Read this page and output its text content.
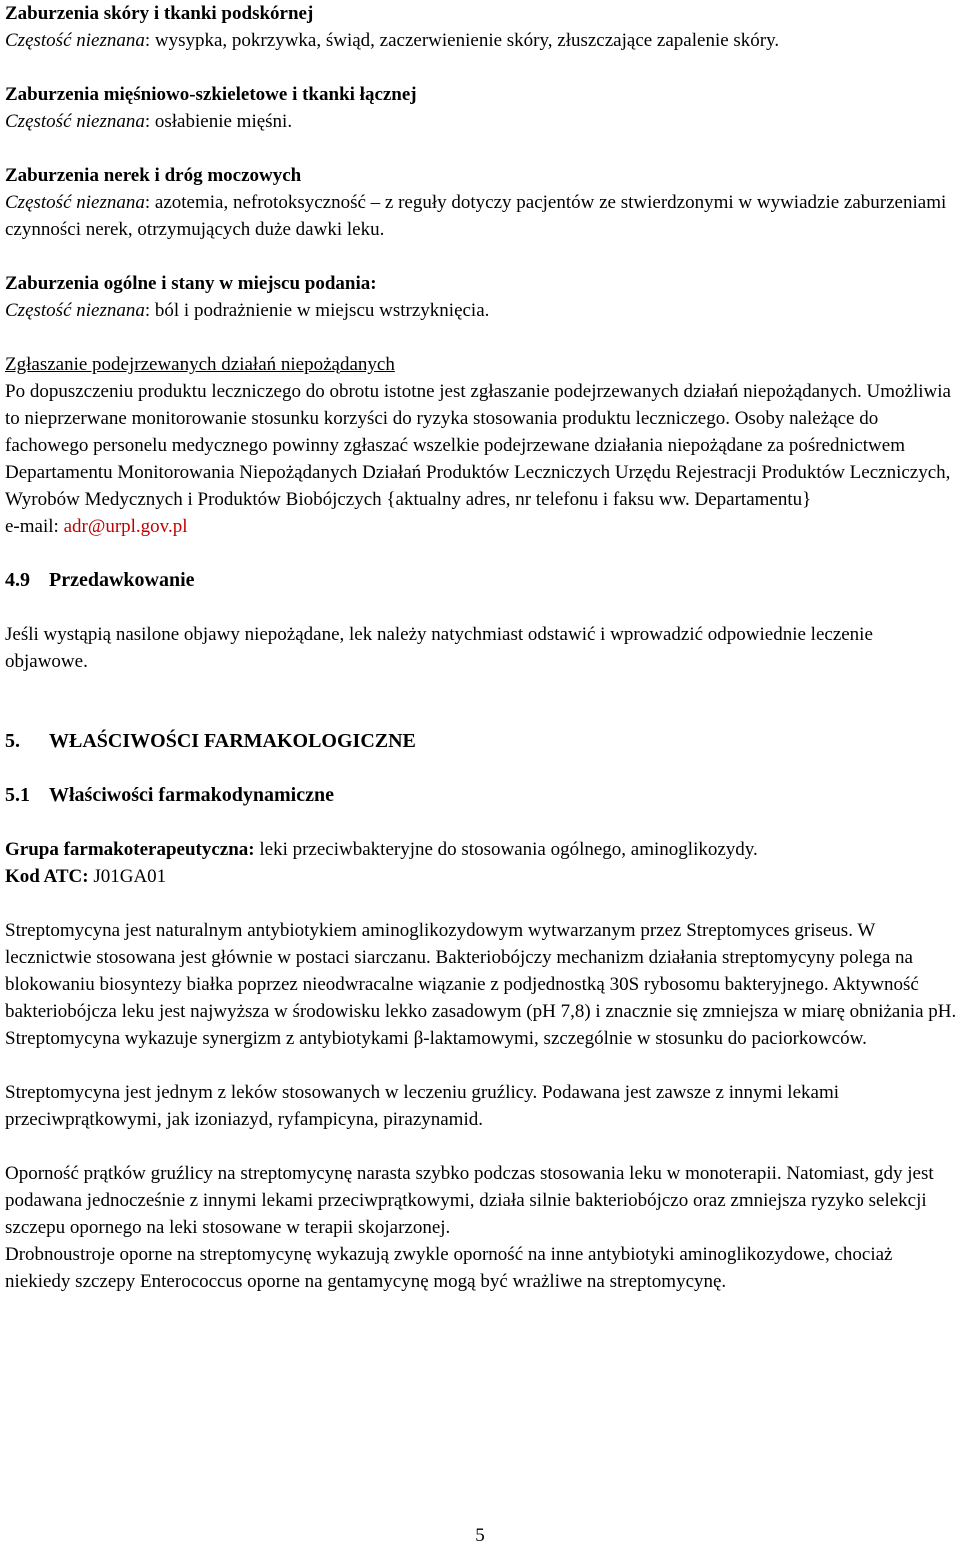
Zaburzenia skóry i tkanki podskórnej
Częstość nieznana: wysypka, pokrzywka, świąd, zaczerwienienie skóry, złuszczające zapalenie skóry.

Zaburzenia mięśniowo-szkieletowe i tkanki łącznej
Częstość nieznana: osłabienie mięśni.

Zaburzenia nerek i dróg moczowych
Częstość nieznana: azotemia, nefrotoksyczność – z reguły dotyczy pacjentów ze stwierdzonymi w wywiadzie zaburzeniami czynności nerek, otrzymujących duże dawki leku.

Zaburzenia ogólne i stany w miejscu podania:
Częstość nieznana: ból i podrażnienie w miejscu wstrzyknięcia.

Zgłaszanie podejrzewanych działań niepożądanych
Po dopuszczeniu produktu leczniczego do obrotu istotne jest zgłaszanie podejrzewanych działań niepożądanych. Umożliwia to nieprzerwane monitorowanie stosunku korzyści do ryzyka stosowania produktu leczniczego. Osoby należące do fachowego personelu medycznego powinny zgłaszać wszelkie podejrzewane działania niepożądane za pośrednictwem Departamentu Monitorowania Niepożądanych Działań Produktów Leczniczych Urzędu Rejestracji Produktów Leczniczych, Wyrobów Medycznych i Produktów Biobójczych {aktualny adres, nr telefonu i faksu ww. Departamentu}
e-mail: adr@urpl.gov.pl

4.9 Przedawkowanie

Jeśli wystąpią nasilone objawy niepożądane, lek należy natychmiast odstawić i wprowadzić odpowiednie leczenie objawowe.

5. WŁAŚCIWOŚCI FARMAKOLOGICZNE

5.1 Właściwości farmakodynamiczne

Grupa farmakoterapeutyczna: leki przeciwbakteryjne do stosowania ogólnego, aminoglikozydy.
Kod ATC: J01GA01

Streptomycyna jest naturalnym antybiotykiem aminoglikozydowym wytwarzanym przez Streptomyces griseus. W lecznictwie stosowana jest głównie w postaci siarczanu. Bakteriobójczy mechanizm działania streptomycyny polega na blokowaniu biosyntezy białka poprzez nieodwracalne wiązanie z podjednostką 30S rybosomu bakteryjnego. Aktywność bakteriobójcza leku jest najwyższa w środowisku lekko zasadowym (pH 7,8) i znacznie się zmniejsza w miarę obniżania pH. Streptomycyna wykazuje synergizm z antybiotykami β-laktamowymi, szczególnie w stosunku do paciorkowców.

Streptomycyna jest jednym z leków stosowanych w leczeniu gruźlicy. Podawana jest zawsze z innymi lekami przeciwprątkowymi, jak izoniazyd, ryfampicyna, pirazynamid.

Oporność prątków gruźlicy na streptomycynę narasta szybko podczas stosowania leku w monoterapii. Natomiast, gdy jest podawana jednocześnie z innymi lekami przeciwprątkowymi, działa silnie bakteriobójczo oraz zmniejsza ryzyko selekcji szczepu opornego na leki stosowane w terapii skojarzonej.

Drobnoustroje oporne na streptomycynę wykazują zwykle oporność na inne antybiotyki aminoglikozydowe, chociaż niekiedy szczepy Enterococcus oporne na gentamycynę mogą być wrażliwe na streptomycynę.

5
